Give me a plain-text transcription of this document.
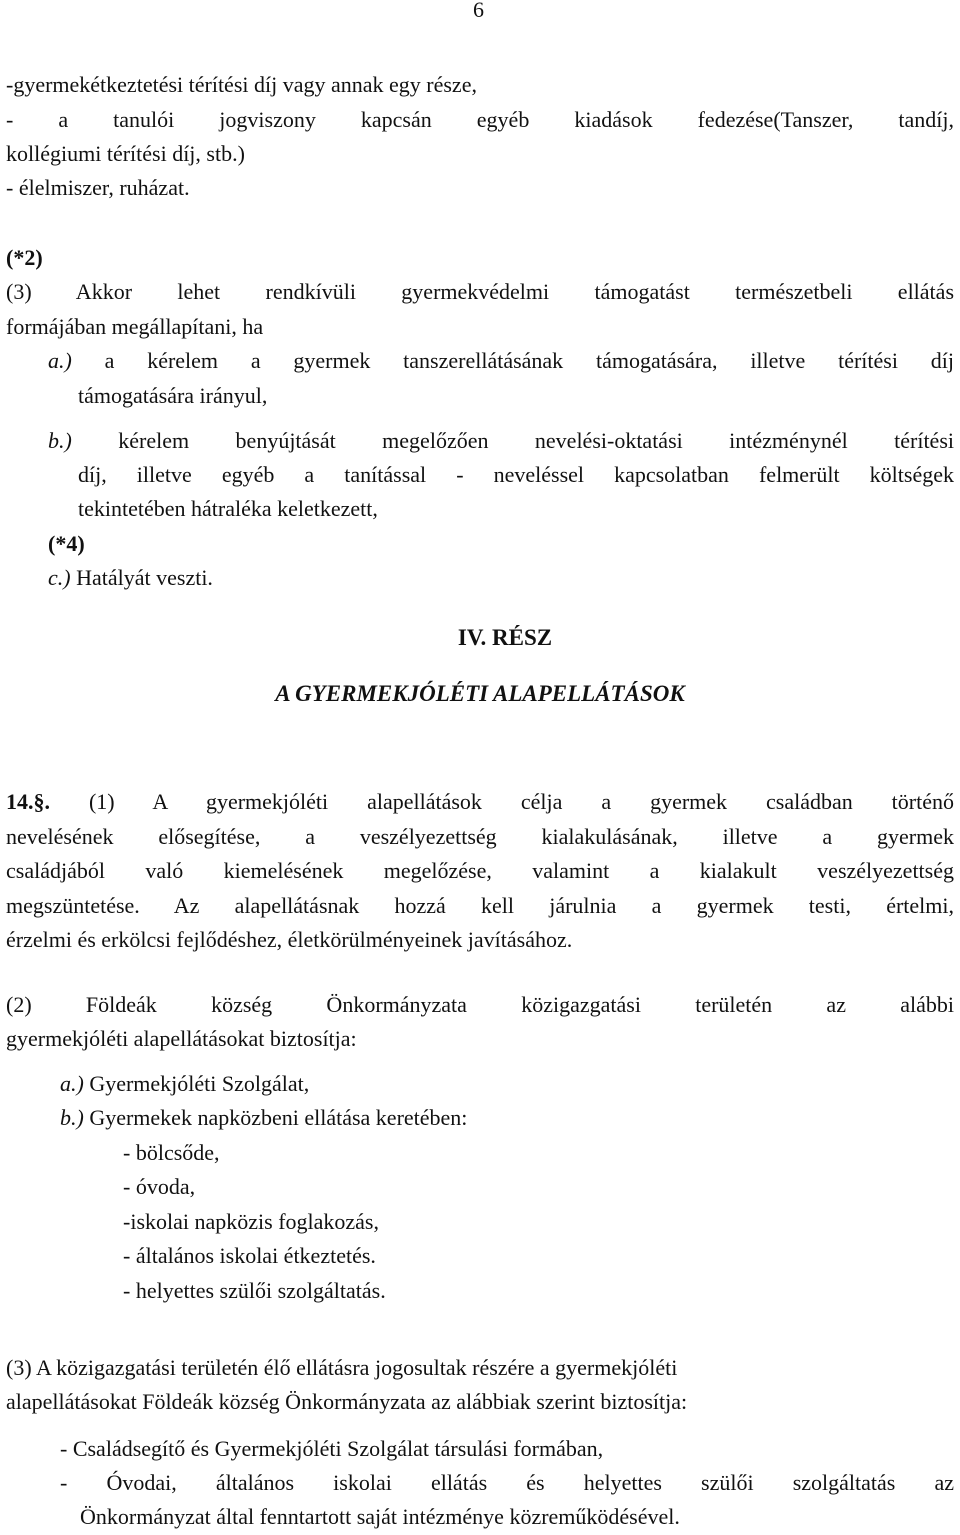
6
-gyermekétkeztetési térítési díj vagy annak egy része,
- a tanulói jogviszony kapcsán egyéb kiadások fedezése(Tanszer, tandíj,
kollégiumi térítési díj, stb.)
- élelmiszer, ruházat.
(*2)
(3) Akkor lehet rendkívüli gyermekvédelmi támogatást természetbeli ellátás
formájában megállapítani, ha
a.) a kérelem a gyermek tanszerellátásának támogatására, illetve térítési díj
támogatására irányul,
b.) kérelem benyújtását megelőzően nevelési-oktatási intézménynél térítési
díj, illetve egyéb a tanítással - neveléssel kapcsolatban felmerült költségek
tekintetében hátraléka keletkezett,
(*4)
c.) Hatályát veszti.
IV. RÉSZ
A GYERMEKJÓLÉTI ALAPELLÁTÁSOK
14.§. (1) A gyermekjóléti alapellátások célja a gyermek családban történő
nevelésének elősegítése, a veszélyezettség kialakulásának, illetve a gyermek
családjából való kiemelésének megelőzése, valamint a kialakult veszélyezettség
megszüntetése. Az alapellátásnak hozzá kell járulnia a gyermek testi, értelmi,
érzelmi és erkölcsi fejlődéshez, életkörülményeinek javításához.
(2) Földeák község Önkormányzata közigazgatási területén az alábbi
gyermekjóléti alapellátásokat biztosítja:
a.) Gyermekjóléti Szolgálat,
b.) Gyermekek napközbeni ellátása keretében:
- bölcsőde,
- óvoda,
-iskolai napközis foglakozás,
- általános iskolai étkeztetés.
- helyettes szülői szolgáltatás.
(3) A közigazgatási területén élő ellátásra jogosultak részére a gyermekjóléti
alapellátásokat Földeák község Önkormányzata az alábbiak szerint biztosítja:
- Családsegítő és Gyermekjóléti Szolgálat társulási formában,
- Óvodai, általános iskolai ellátás és helyettes szülői szolgáltatás az
Önkormányzat által fenntartott saját intézménye közreműködésével.
